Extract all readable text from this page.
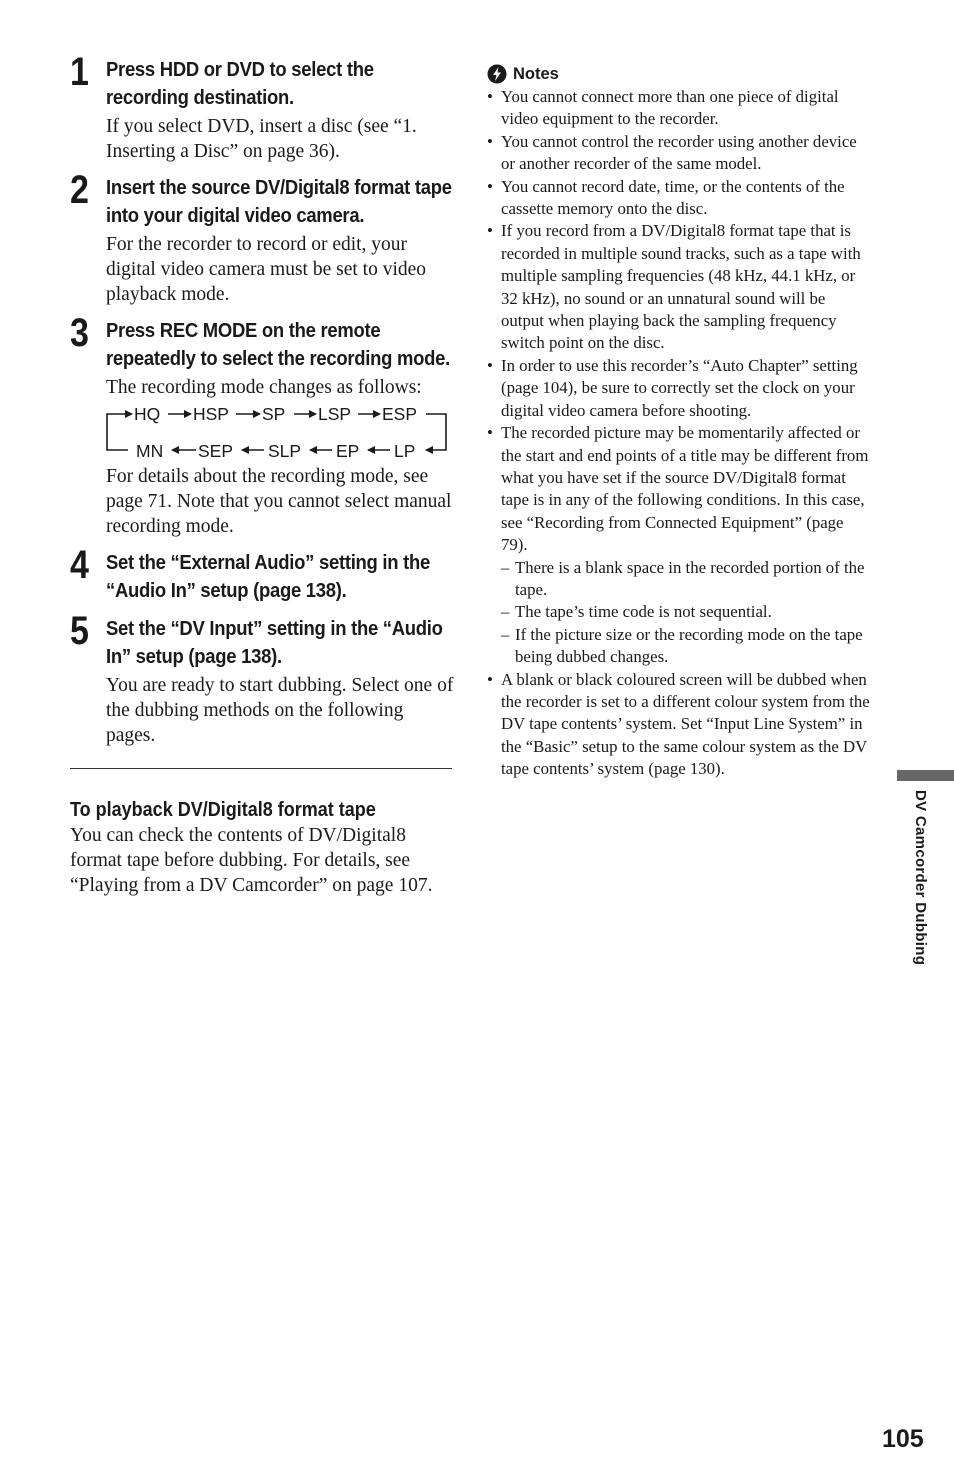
1 Press HDD or DVD to select the recording destination.
If you select DVD, insert a disc (see “1. Inserting a Disc” on page 36).
2 Insert the source DV/Digital8 format tape into your digital video camera.
For the recorder to record or edit, your digital video camera must be set to video playback mode.
3 Press REC MODE on the remote repeatedly to select the recording mode.
The recording mode changes as follows:
HQ HSP SP LSP ESP
MN SEP SLP EP LP
For details about the recording mode, see page 71. Note that you cannot select manual recording mode.
4 Set the “External Audio” setting in the “Audio In” setup (page 138).
5 Set the “DV Input” setting in the “Audio In” setup (page 138).
You are ready to start dubbing. Select one of the dubbing methods on the following pages.
To playback DV/Digital8 format tape
You can check the contents of DV/Digital8 format tape before dubbing. For details, see “Playing from a DV Camcorder” on page 107.
Notes
• You cannot connect more than one piece of digital video equipment to the recorder.
• You cannot control the recorder using another device or another recorder of the same model.
• You cannot record date, time, or the contents of the cassette memory onto the disc.
• If you record from a DV/Digital8 format tape that is recorded in multiple sound tracks, such as a tape with multiple sampling frequencies (48 kHz, 44.1 kHz, or 32 kHz), no sound or an unnatural sound will be output when playing back the sampling frequency switch point on the disc.
• In order to use this recorder’s “Auto Chapter” setting (page 104), be sure to correctly set the clock on your digital video camera before shooting.
• The recorded picture may be momentarily affected or the start and end points of a title may be different from what you have set if the source DV/Digital8 format tape is in any of the following conditions. In this case, see “Recording from Connected Equipment” (page 79).
– There is a blank space in the recorded portion of the tape.
– The tape’s time code is not sequential.
– If the picture size or the recording mode on the tape being dubbed changes.
• A blank or black coloured screen will be dubbed when the recorder is set to a different colour system from the DV tape contents’ system. Set “Input Line System” in the “Basic” setup to the same colour system as the DV tape contents’ system (page 130).
DV Camcorder Dubbing
105
